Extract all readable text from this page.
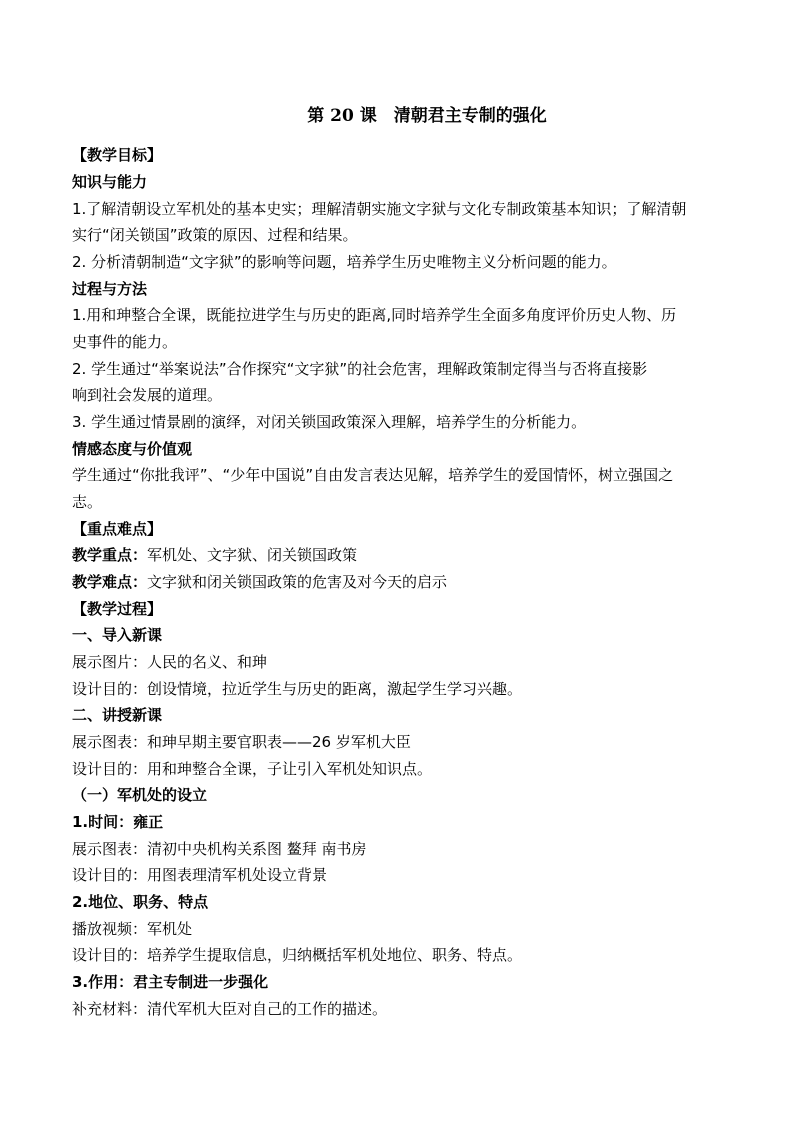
第 20 课　清朝君主专制的强化
【教学目标】
知识与能力
1.了解清朝设立军机处的基本史实；理解清朝实施文字狱与文化专制政策基本知识；了解清朝
实行“闭关锁国”政策的原因、过程和结果。
2. 分析清朝制造“文字狱”的影响等问题，培养学生历史唯物主义分析问题的能力。
过程与方法
1.用和珅整合全课，既能拉进学生与历史的距离,同时培养学生全面多角度评价历史人物、历
史事件的能力。
2. 学生通过“举案说法”合作探究“文字狱”的社会危害，理解政策制定得当与否将直接影
响到社会发展的道理。
3. 学生通过情景剧的演绎，对闭关锁国政策深入理解，培养学生的分析能力。
情感态度与价值观
学生通过“你批我评”、“少年中国说”自由发言表达见解，培养学生的爱国情怀，树立强国之
志。
【重点难点】
教学重点：军机处、文字狱、闭关锁国政策
教学难点：文字狱和闭关锁国政策的危害及对今天的启示
【教学过程】
一、导入新课
展示图片：人民的名义、和珅
设计目的：创设情境，拉近学生与历史的距离，激起学生学习兴趣。
二、讲授新课
展示图表：和珅早期主要官职表——26 岁军机大臣
设计目的：用和珅整合全课，子让引入军机处知识点。
（一）军机处的设立
1.时间：雍正
展示图表：清初中央机构关系图 鳌拜 南书房
设计目的：用图表理清军机处设立背景
2.地位、职务、特点
播放视频：军机处
设计目的：培养学生提取信息，归纳概括军机处地位、职务、特点。
3.作用：君主专制进一步强化
补充材料：清代军机大臣对自己的工作的描述。
